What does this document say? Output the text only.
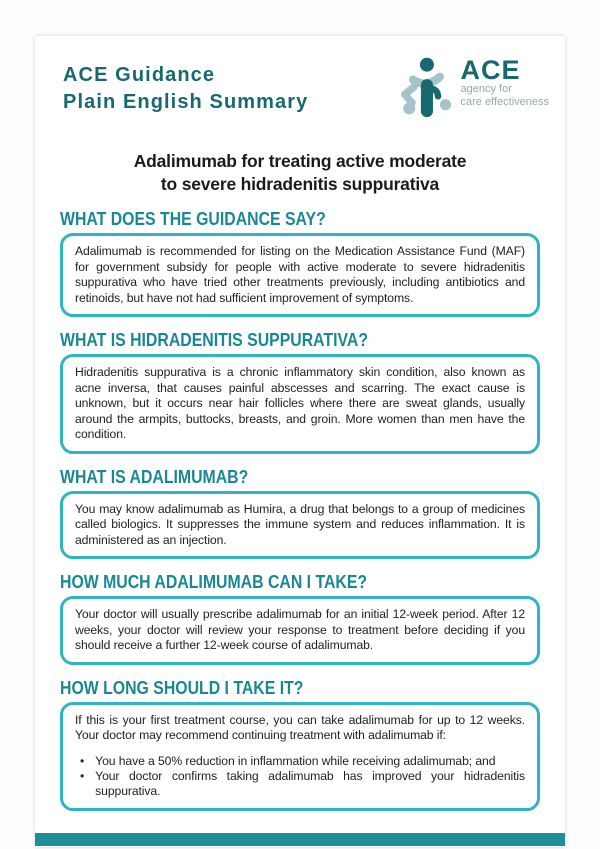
ACE Guidance
Plain English Summary
ACE
agency for
care effectiveness
Adalimumab for treating active moderate
to severe hidradenitis suppurativa
WHAT DOES THE GUIDANCE SAY?

Adalimumab is recommended for listing on the Medication Assistance Fund (MAF) for government subsidy for people with active moderate to severe hidradenitis suppurativa who have tried other treatments previously, including antibiotics and retinoids, but have not had sufficient improvement of symptoms.

WHAT IS HIDRADENITIS SUPPURATIVA?

Hidradenitis suppurativa is a chronic inflammatory skin condition, also known as acne inversa, that causes painful abscesses and scarring. The exact cause is unknown, but it occurs near hair follicles where there are sweat glands, usually around the armpits, buttocks, breasts, and groin. More women than men have the condition.

WHAT IS ADALIMUMAB?

You may know adalimumab as Humira, a drug that belongs to a group of medicines called biologics. It suppresses the immune system and reduces inflammation. It is administered as an injection.

HOW MUCH ADALIMUMAB CAN I TAKE?

Your doctor will usually prescribe adalimumab for an initial 12-week period. After 12 weeks, your doctor will review your response to treatment before deciding if you should receive a further 12-week course of adalimumab.

HOW LONG SHOULD I TAKE IT?

If this is your first treatment course, you can take adalimumab for up to 12 weeks. Your doctor may recommend continuing treatment with adalimumab if:

• You have a 50% reduction in inflammation while receiving adalimumab; and
• Your doctor confirms taking adalimumab has improved your hidradenitis suppurativa.
